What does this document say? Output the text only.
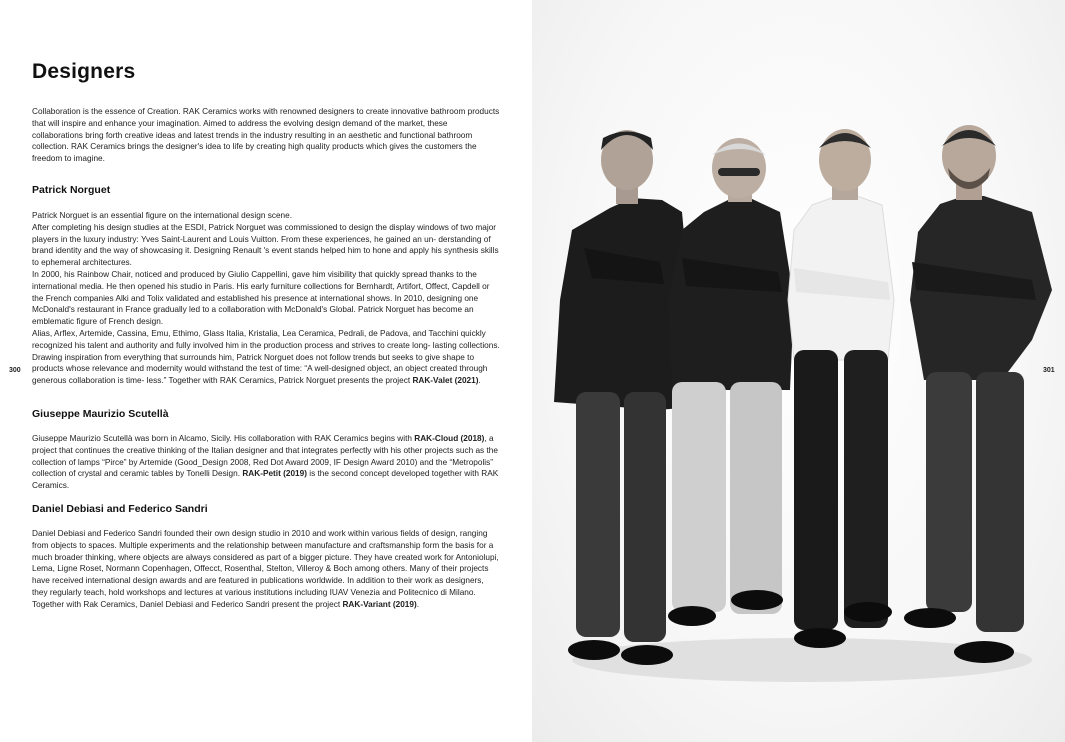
Designers

Collaboration is the essence of Creation. RAK Ceramics works with renowned designers to create innovative bathroom products that will inspire and enhance your imagination. Aimed to address the evolving design demand of the market, these collaborations bring forth creative ideas and latest trends in the industry resulting in an aesthetic and functional bathroom collection. RAK Ceramics brings the designer's idea to life by creating high quality products which gives the customers the freedom to imagine.

Patrick Norguet
Patrick Norguet is an essential figure on the international design scene.
After completing his design studies at the ESDI, Patrick Norguet was commissioned to design the display windows of two major players in the luxury industry: Yves Saint-Laurent and Louis Vuitton. From these experiences, he gained an un- derstanding of brand identity and the way of showcasing it. Designing Renault 's event stands helped him to hone and apply his synthesis skills to ephemeral architectures.
In 2000, his Rainbow Chair, noticed and produced by Giulio Cappellini, gave him visibility that quickly spread thanks to the international media. He then opened his studio in Paris. His early furniture collections for Bernhardt, Artifort, Offect, Capdell or the French companies Alki and Tolix validated and established his presence at international shows. In 2010, designing one McDonald's restaurant in France gradually led to a collaboration with McDonald's Global. Patrick Norguet has become an emblematic figure of French design.
Alias, Arflex, Artemide, Cassina, Emu, Ethimo, Glass Italia, Kristalia, Lea Ceramica, Pedrali, de Padova, and Tacchini quickly recognized his talent and authority and fully involved him in the production process and strives to create long- lasting collections. Drawing inspiration from everything that surrounds him, Patrick Norguet does not follow trends but seeks to give shape to products whose relevance and modernity would withstand the test of time: “A well-designed object, an object created through generous collaboration is time- less.” Together with RAK Ceramics, Patrick Norguet presents the project RAK-Valet (2021).
Giuseppe Maurizio Scutellà

Giuseppe Maurizio Scutellà was born in Alcamo, Sicily. His collaboration with RAK Ceramics begins with RAK-Cloud (2018), a project that continues the creative thinking of the Italian designer and that integrates perfectly with his other projects such as the collection of lamps “Pirce” by Artemide (Good_Design 2008, Red Dot Award 2009, IF Design Award 2010) and the “Metropolis” collection of crystal and ceramic tables by Tonelli Design. RAK-Petit (2019) is the second concept developed together with RAK Ceramics.

Daniel Debiasi and Federico Sandri

Daniel Debiasi and Federico Sandri founded their own design studio in 2010 and work within various fields of design, ranging from objects to spaces. Multiple experiments and the relationship between manufacture and craftsmanship form the basis for a much broader thinking, where objects are always considered as part of a bigger picture. They have created work for Antoniolupi, Lema, Ligne Roset, Normann Copenhagen, Offecct, Rosenthal, Stelton, Villeroy & Boch among others. Many of their projects have received international design awards and are featured in publications worldwide. In addition to their work as designers, they regularly teach, hold workshops and lectures at various institutions including IUAV Venezia and Politecnico di Milano. Together with Rak Ceramics, Daniel Debiasi and Federico Sandri present the project RAK-Variant (2019).

300	301
